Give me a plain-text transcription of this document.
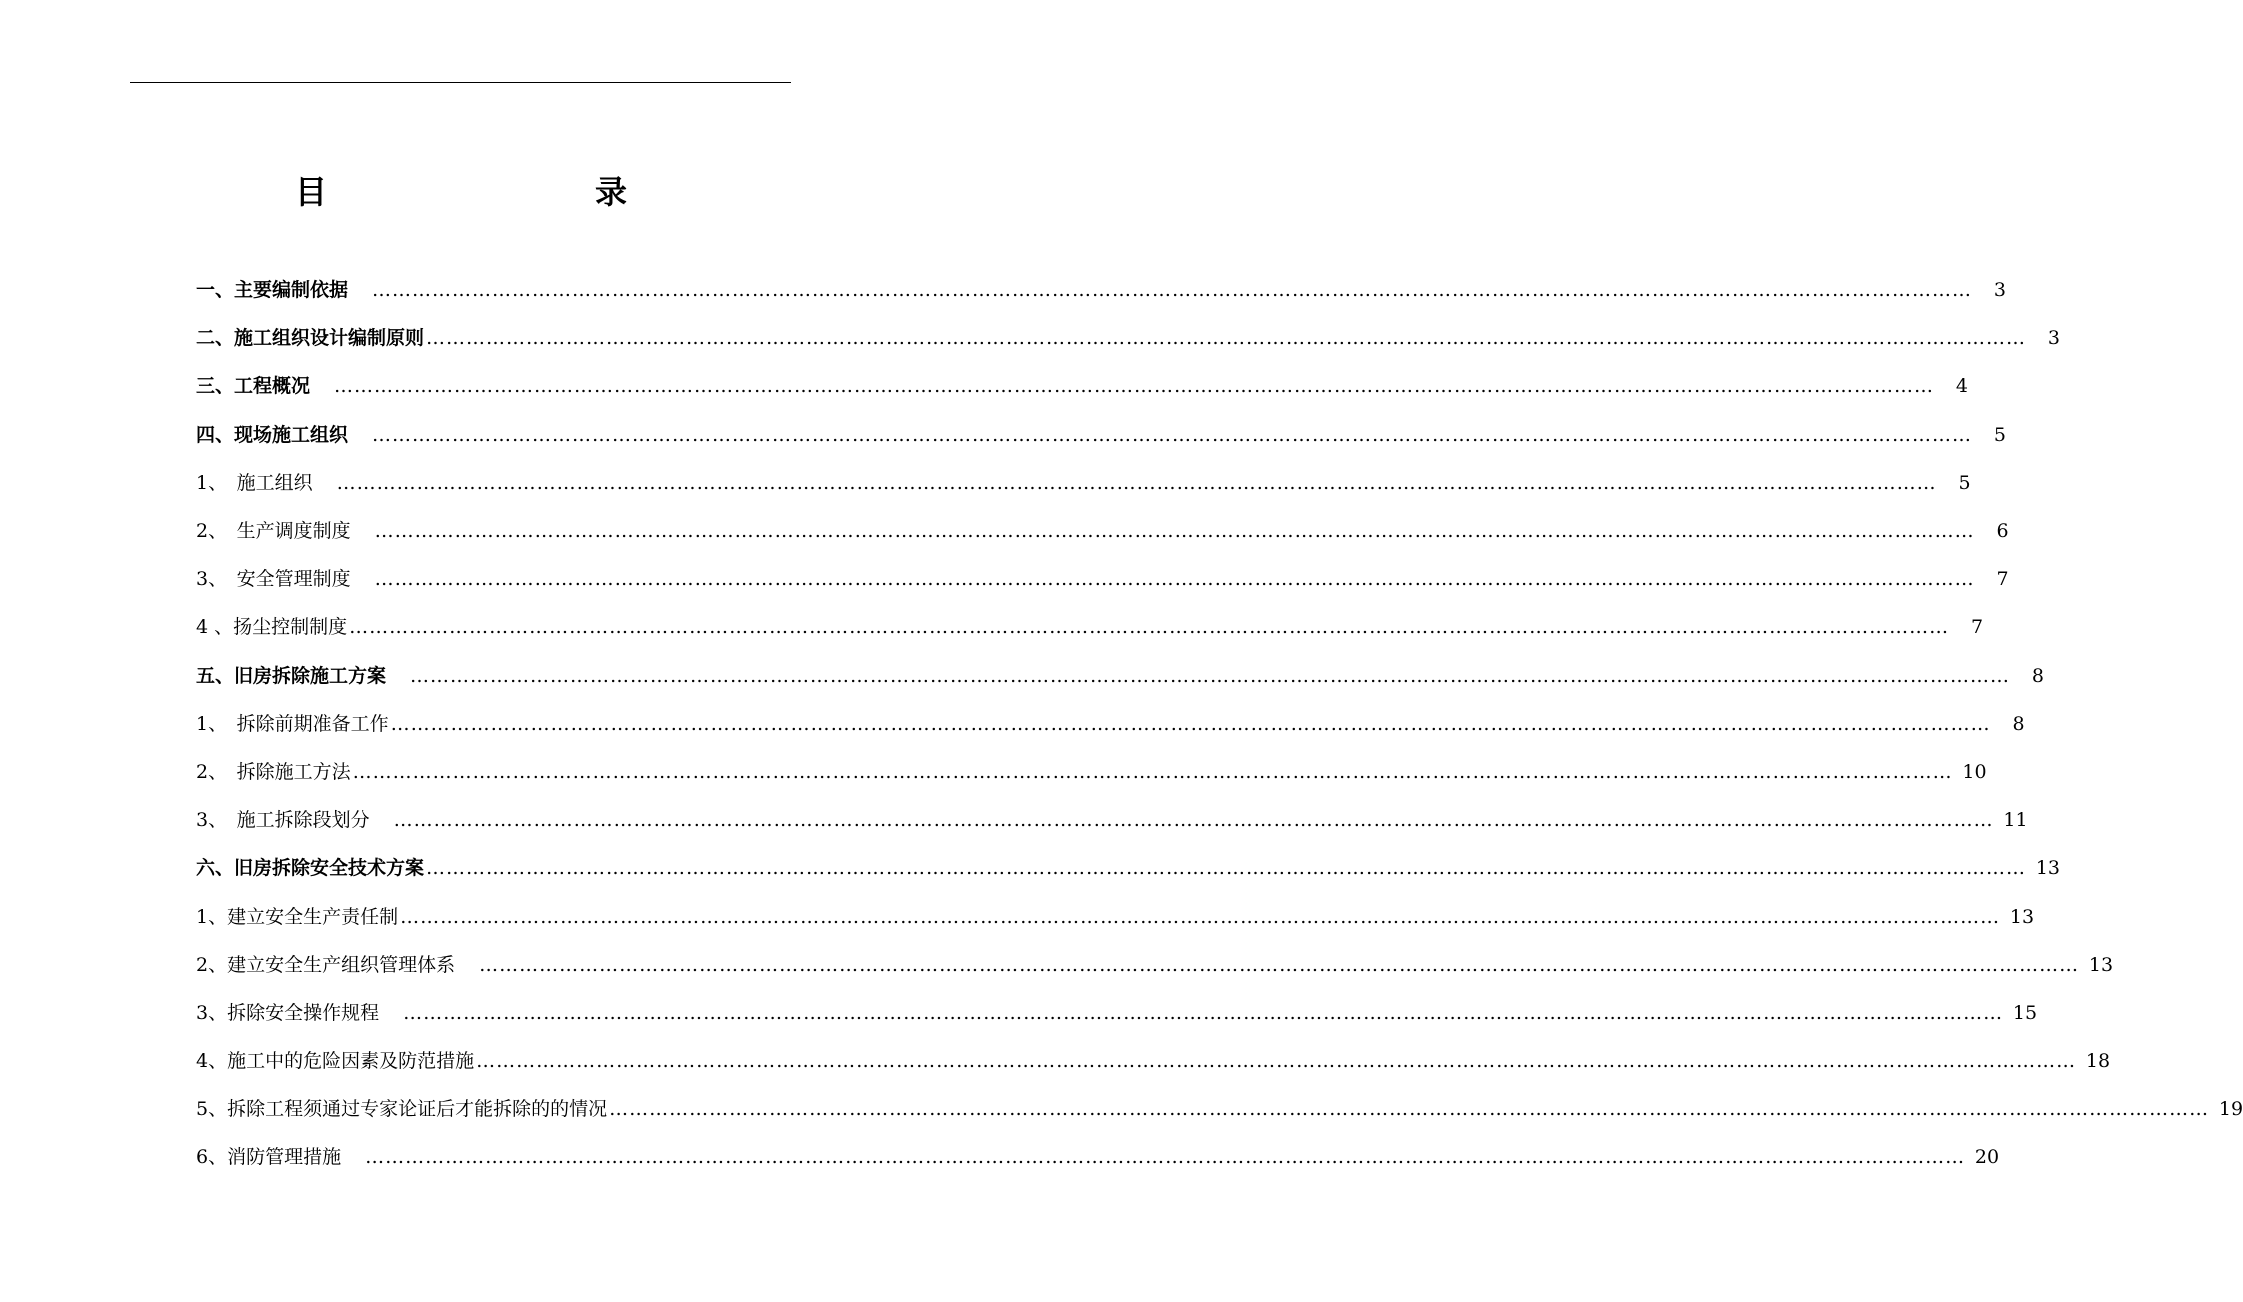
目　　录
一、主要编制依据 ……………………………………………………………………………………………………………………………………………………………………………………………………………………	3
二、施工组织设计编制原则 ……………………………………………………………………………………………………………………………………………………………………………………………………………………	3
三、工程概况 ……………………………………………………………………………………………………………………………………………………………………………………………………………………	4
四、现场施工组织 ……………………………………………………………………………………………………………………………………………………………………………………………………………………	5
1、　施工组织 ……………………………………………………………………………………………………………………………………………………………………………………………………………………	5
2、　生产调度制度 ……………………………………………………………………………………………………………………………………………………………………………………………………………………	6
3、　安全管理制度 ……………………………………………………………………………………………………………………………………………………………………………………………………………………	7
4 、扬尘控制制度 ……………………………………………………………………………………………………………………………………………………………………………………………………………………	7
五、旧房拆除施工方案 ……………………………………………………………………………………………………………………………………………………………………………………………………………………	8
1、　拆除前期准备工作 ……………………………………………………………………………………………………………………………………………………………………………………………………………………	8
2、　拆除施工方法 …………………………………………………………………………………………………………………………………………………………………………………………………………………… 10
3、　施工拆除段划分 …………………………………………………………………………………………………………………………………………………………………………………………………………………… 11
六、旧房拆除安全技术方案 …………………………………………………………………………………………………………………………………………………………………………………………………………………… 13
1、建立安全生产责任制 …………………………………………………………………………………………………………………………………………………………………………………………………………………… 13
2、建立安全生产组织管理体系 …………………………………………………………………………………………………………………………………………………………………………………………………………………… 13
3、拆除安全操作规程 …………………………………………………………………………………………………………………………………………………………………………………………………………………… 15
4、施工中的危险因素及防范措施 …………………………………………………………………………………………………………………………………………………………………………………………………………………… 18
5、拆除工程须通过专家论证后才能拆除的的情况 …………………………………………………………………………………………………………………………………………………………………………………………………………………… 19
6、消防管理措施 …………………………………………………………………………………………………………………………………………………………………………………………………………………… 20
